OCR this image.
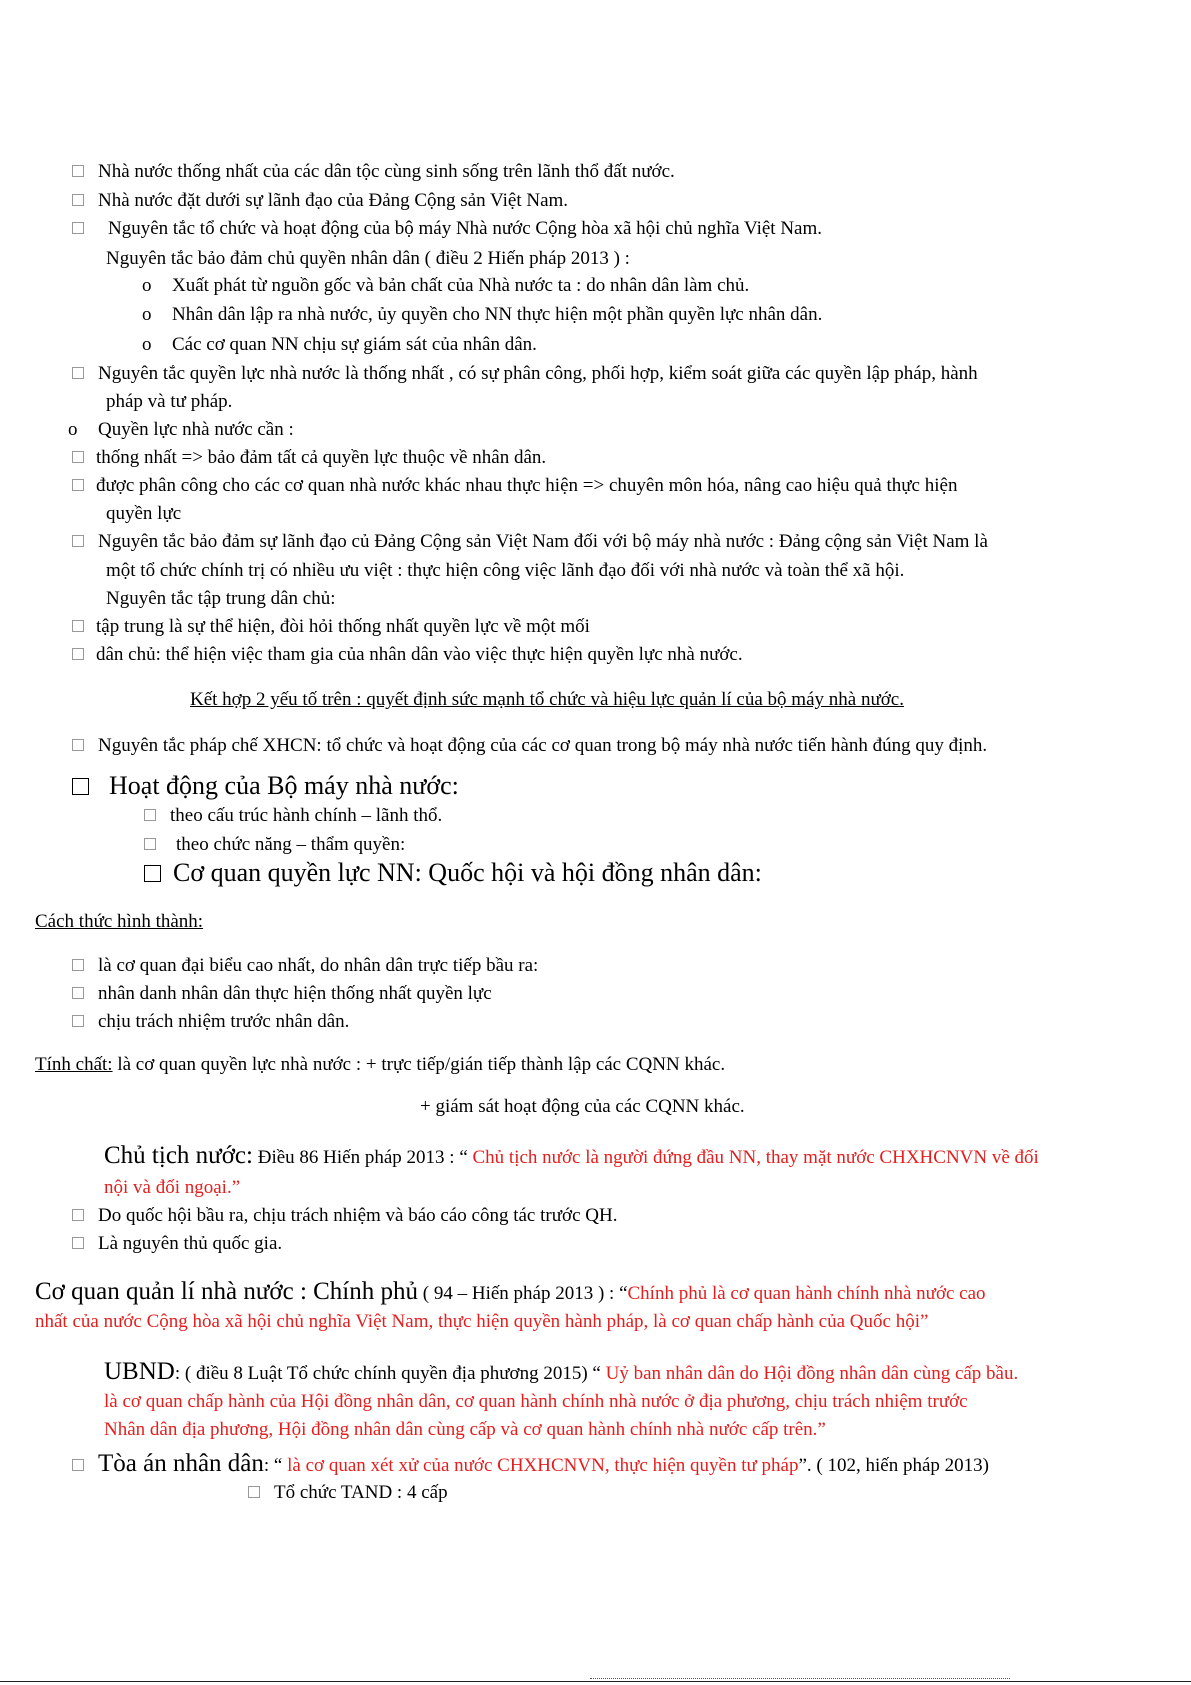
Nhà nước thống nhất của các dân tộc cùng sinh sống trên lãnh thổ đất nước.
Nhà nước đặt dưới sự lãnh đạo của Đảng Cộng sản Việt Nam.
Nguyên tắc tổ chức và hoạt động của bộ máy Nhà nước Cộng hòa xã hội chủ nghĩa Việt Nam.
Nguyên tắc bảo đảm chủ quyền nhân dân ( điều 2 Hiến pháp 2013 ) :
o Xuất phát từ nguồn gốc và bản chất của Nhà nước ta : do nhân dân làm chủ.
o Nhân dân lập ra nhà nước, ủy quyền cho NN thực hiện một phần quyền lực nhân dân.
o Các cơ quan NN chịu sự giám sát của nhân dân.
Nguyên tắc quyền lực nhà nước là thống nhất , có sự phân công, phối hợp, kiểm soát giữa các quyền lập pháp, hành
pháp và tư pháp.
o Quyền lực nhà nước cần :
thống nhất => bảo đảm tất cả quyền lực thuộc về nhân dân.
được phân công cho các cơ quan nhà nước khác nhau thực hiện => chuyên môn hóa, nâng cao hiệu quả thực hiện
quyền lực
Nguyên tắc bảo đảm sự lãnh đạo củ Đảng Cộng sản Việt Nam đối với bộ máy nhà nước : Đảng cộng sản Việt Nam là
một tổ chức chính trị có nhiều ưu việt : thực hiện công việc lãnh đạo đối với nhà nước và toàn thể xã hội.
Nguyên tắc tập trung dân chủ:
tập trung là sự thể hiện, đòi hỏi thống nhất quyền lực về một mối
dân chủ: thể hiện việc tham gia của nhân dân vào việc thực hiện quyền lực nhà nước.
Kết hợp 2 yếu tố trên : quyết định sức mạnh tổ chức và hiệu lực quản lí của bộ máy nhà nước.
Nguyên tắc pháp chế XHCN: tổ chức và hoạt động của các cơ quan trong bộ máy nhà nước tiến hành đúng quy định.
Hoạt động của Bộ máy nhà nước:
theo cấu trúc hành chính – lãnh thổ.
theo chức năng – thẩm quyền:
Cơ quan quyền lực NN: Quốc hội và hội đồng nhân dân:
Cách thức hình thành:
là cơ quan đại biểu cao nhất, do nhân dân trực tiếp bầu ra:
nhân danh nhân dân thực hiện thống nhất quyền lực
chịu trách nhiệm trước nhân dân.
Tính chất: là cơ quan quyền lực nhà nước : + trực tiếp/gián tiếp thành lập các CQNN khác.
+ giám sát hoạt động của các CQNN khác.
Chủ tịch nước: Điều 86 Hiến pháp 2013 : “ Chủ tịch nước là người đứng đầu NN, thay mặt nước CHXHCNVN về đối
nội và đối ngoại.”
Do quốc hội bầu ra, chịu trách nhiệm và báo cáo công tác trước QH.
Là nguyên thủ quốc gia.
Cơ quan quản lí nhà nước : Chính phủ ( 94 – Hiến pháp 2013 ) : “Chính phủ là cơ quan hành chính nhà nước cao
nhất của nước Cộng hòa xã hội chủ nghĩa Việt Nam, thực hiện quyền hành pháp, là cơ quan chấp hành của Quốc hội”
UBND: ( điều 8 Luật Tổ chức chính quyền địa phương 2015) “ Uỷ ban nhân dân do Hội đồng nhân dân cùng cấp bầu.
là cơ quan chấp hành của Hội đồng nhân dân, cơ quan hành chính nhà nước ở địa phương, chịu trách nhiệm trước
Nhân dân địa phương, Hội đồng nhân dân cùng cấp và cơ quan hành chính nhà nước cấp trên.”
Tòa án nhân dân: “ là cơ quan xét xử của nước CHXHCNVN, thực hiện quyền tư pháp”. ( 102, hiến pháp 2013)
Tổ chức TAND : 4 cấp
